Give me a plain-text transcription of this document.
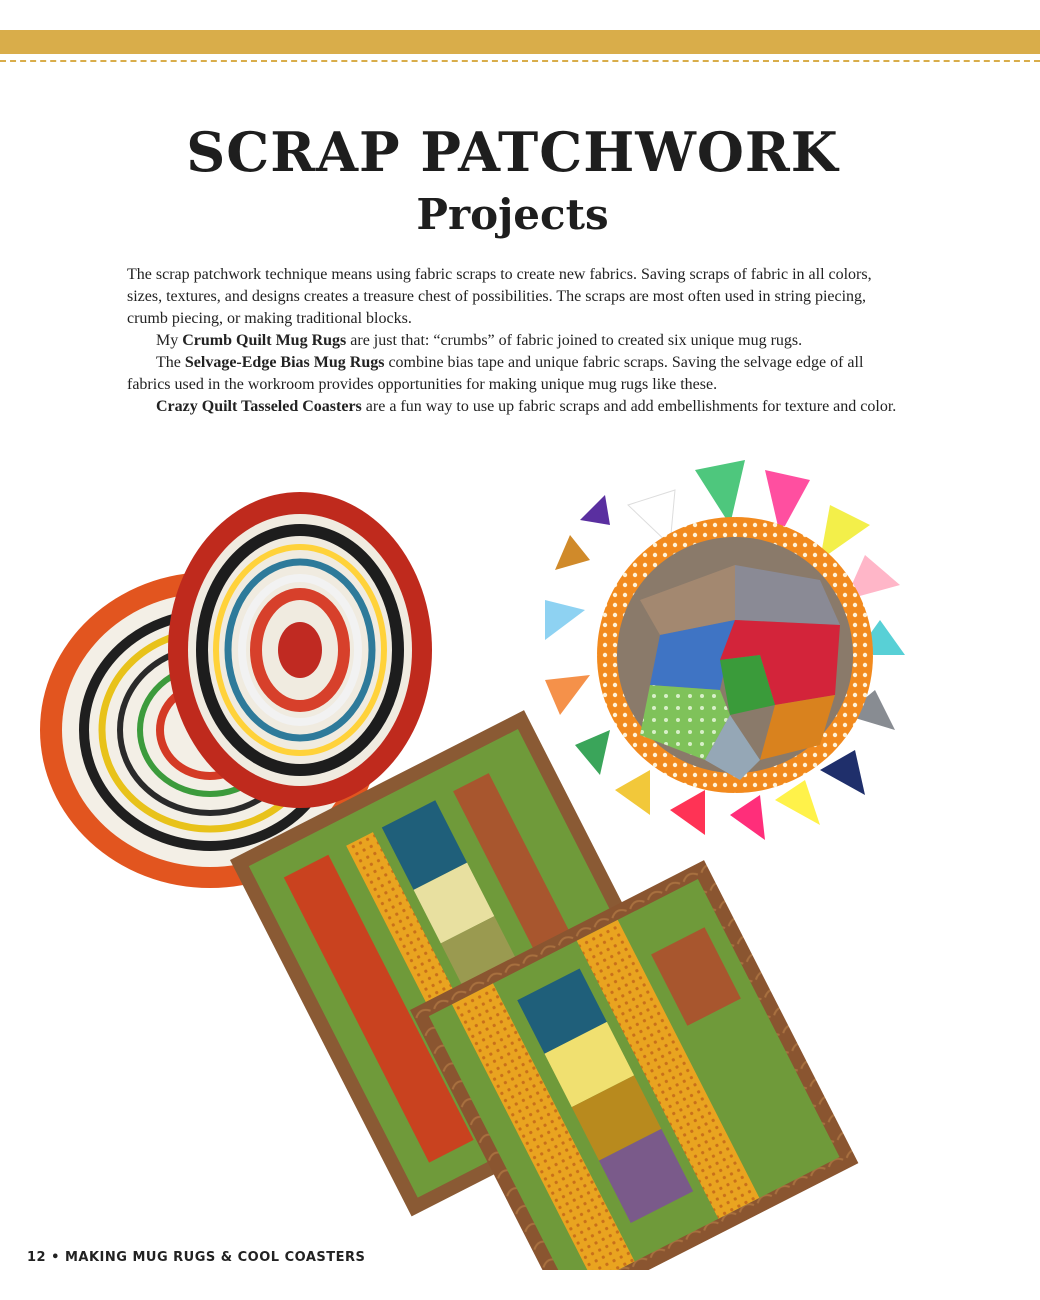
SCRAP PATCHWORK
Projects

The scrap patchwork technique means using fabric scraps to create new fabrics. Saving scraps of fabric in all colors, sizes, textures, and designs creates a treasure chest of possibilities. The scraps are most often used in string piecing, crumb piecing, or making traditional blocks.

My Crumb Quilt Mug Rugs are just that: “crumbs” of fabric joined to created six unique mug rugs.

The Selvage-Edge Bias Mug Rugs combine bias tape and unique fabric scraps. Saving the selvage edge of all fabrics used in the workroom provides opportunities for making unique mug rugs like these.

Crazy Quilt Tasseled Coasters are a fun way to use up fabric scraps and add embellishments for texture and color.

12 • MAKING MUG RUGS & COOL COASTERS
